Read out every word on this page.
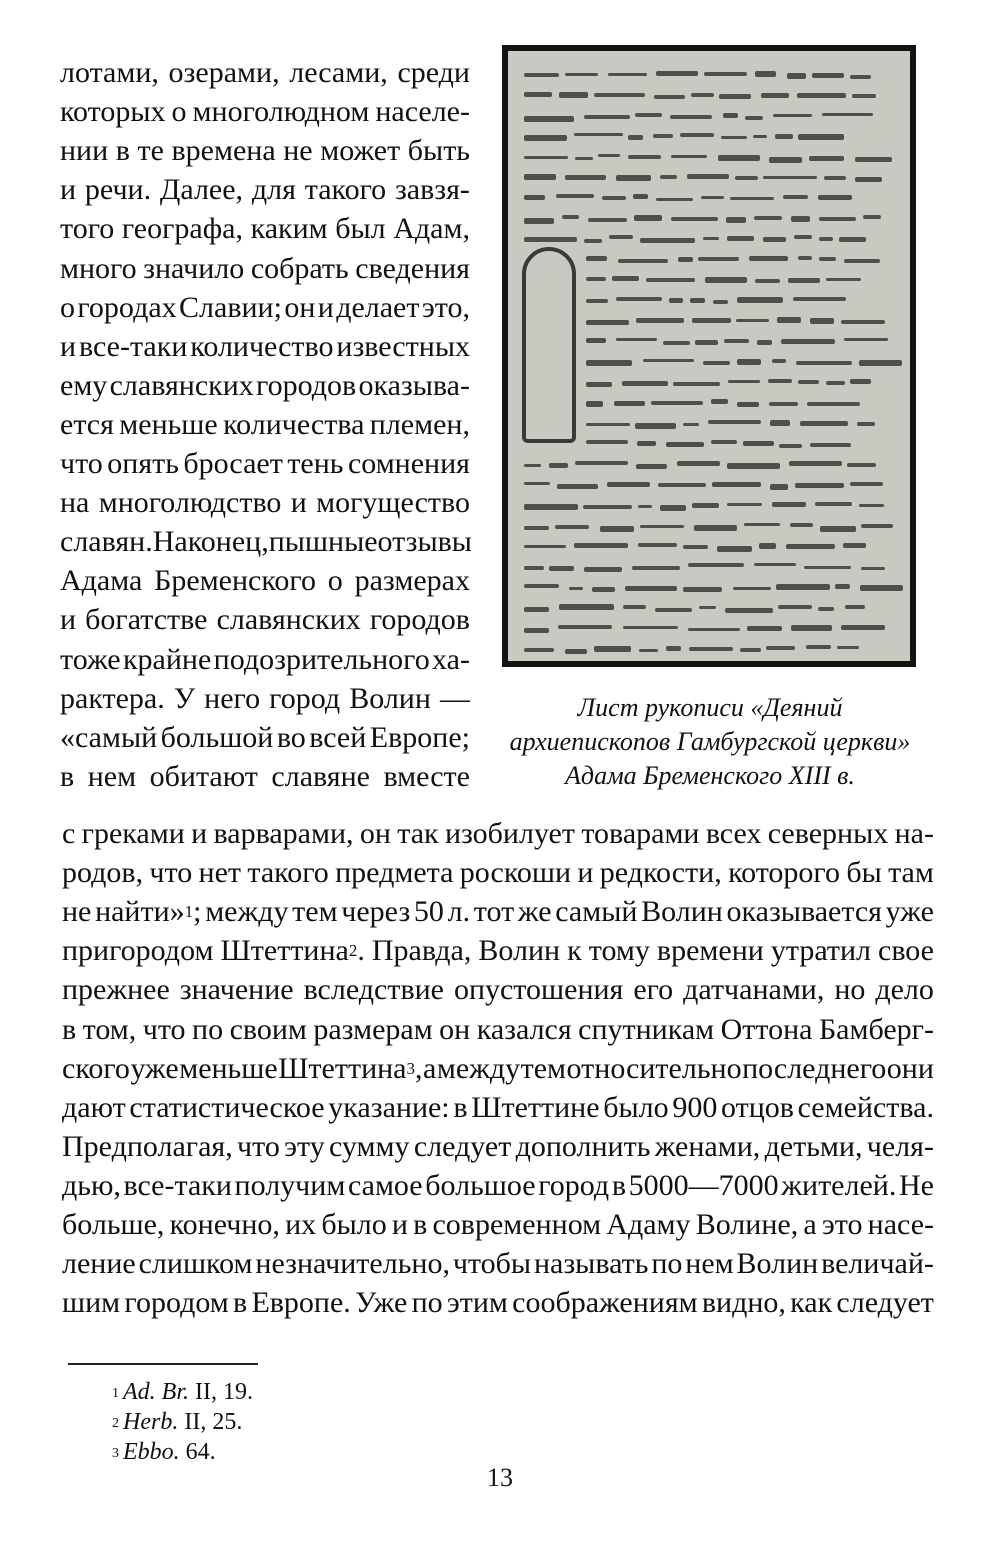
лотами, озерами, лесами, среди
которых о многолюдном населе-
нии в те времена не может быть
и речи. Далее, для такого завзя-
того географа, каким был Адам,
много значило собрать сведения
о городах Славии; он и делает это,
и все-таки количество известных
ему славянских городов оказыва-
ется меньше количества племен,
что опять бросает тень сомнения
на многолюдство и могущество
славян. Наконец, пышные отзывы
Адама Бременского о размерах
и богатстве славянских городов
тоже крайне подозрительного ха-
рактера. У него город Волин —
«самый большой во всей Европе;
в нем обитают славяне вместе
Лист рукописи «Деяний
архиепископов Гамбургской церкви»
Адама Бременского XIII в.
с греками и варварами, он так изобилует товарами всех северных на-
родов, что нет такого предмета роскоши и редкости, которого бы там
не найти»$^1$; между тем через 50 л. тот же самый Волин оказывается уже
пригородом Штеттина$^2$. Правда, Волин к тому времени утратил свое
прежнее значение вследствие опустошения его датчанами, но дело
в том, что по своим размерам он казался спутникам Оттона Бамберг-
ского уже меньше Штеттина$^3$, а между тем относительно последнего они
дают статистическое указание: в Штеттине было 900 отцов семейства.
Предполагая, что эту сумму следует дополнить женами, детьми, челя-
дью, все-таки получим самое большое город в 5000—7000 жителей. Не
больше, конечно, их было и в современном Адаму Волине, а это насе-
ление слишком незначительно, чтобы называть по нем Волин величай-
шим городом в Европе. Уже по этим соображениям видно, как следует
$^1$ Ad. Br. II, 19.
$^2$ Herb. II, 25.
$^3$ Ebbo. 64.
13
